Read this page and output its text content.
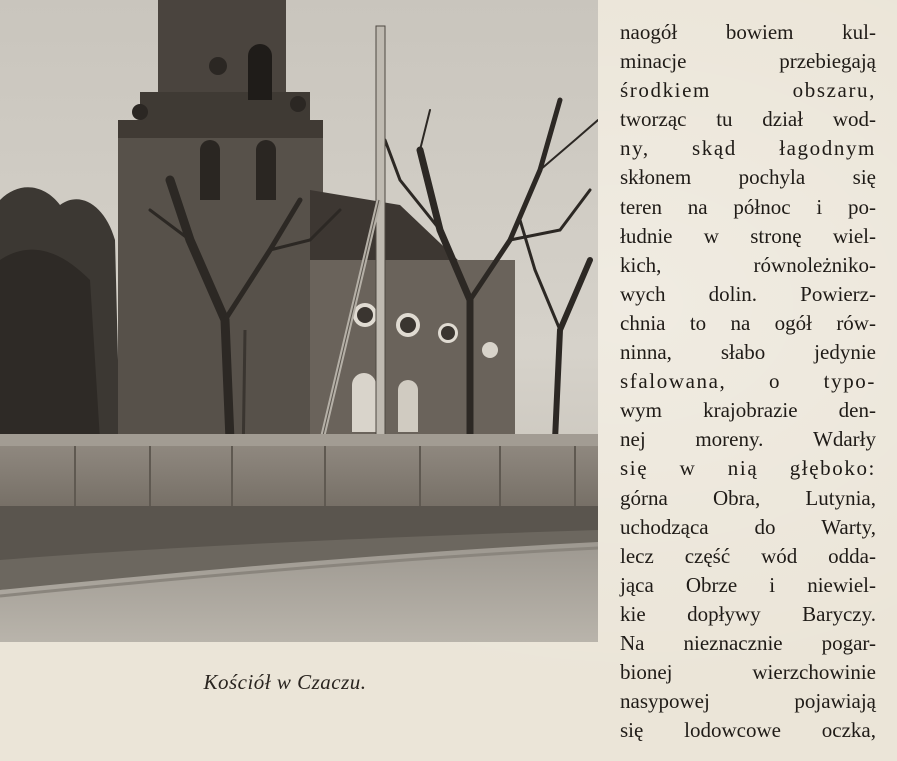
Kościół w Czaczu.
naogół bowiem kul-
minacje	przebiegają
środkiem	obszaru,
tworząc tu dział wod-
ny, skąd łagodnym
skłonem pochyla się
teren na północ i po-
łudnie w stronę wiel-
kich,	równoleżniko-
wych dolin. Powierz-
chnia to na ogół rów-
ninna, słabo jedynie
sfalowana, o typo-
wym krajobrazie den-
nej moreny. Wdarły
się w nią głęboko:
górna Obra, Lutynia,
uchodząca do Warty,
lecz część wód odda-
jąca Obrze i niewiel-
kie dopływy Baryczy.
Na nieznacznie pogar-
bionej	wierzchowinie
nasypowej	pojawiają
się lodowcowe oczka,
